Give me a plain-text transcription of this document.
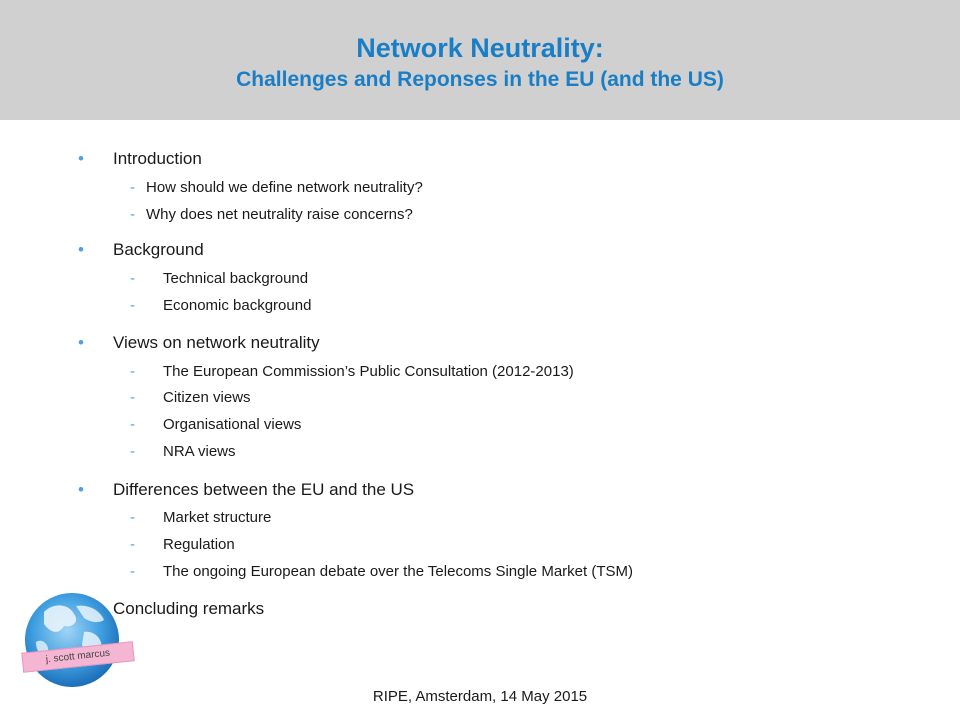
Network Neutrality:
Challenges and Reponses in the EU (and the US)
• Introduction
- How should we define network neutrality?
- Why does net neutrality raise concerns?
• Background
- Technical background
- Economic background
• Views on network neutrality
- The European Commission’s Public Consultation (2012-2013)
- Citizen views
- Organisational views
- NRA views
• Differences between the EU and the US
- Market structure
- Regulation
- The ongoing European debate over the Telecoms Single Market (TSM)
Concluding remarks
j. scott marcus
RIPE, Amsterdam, 14 May 2015
